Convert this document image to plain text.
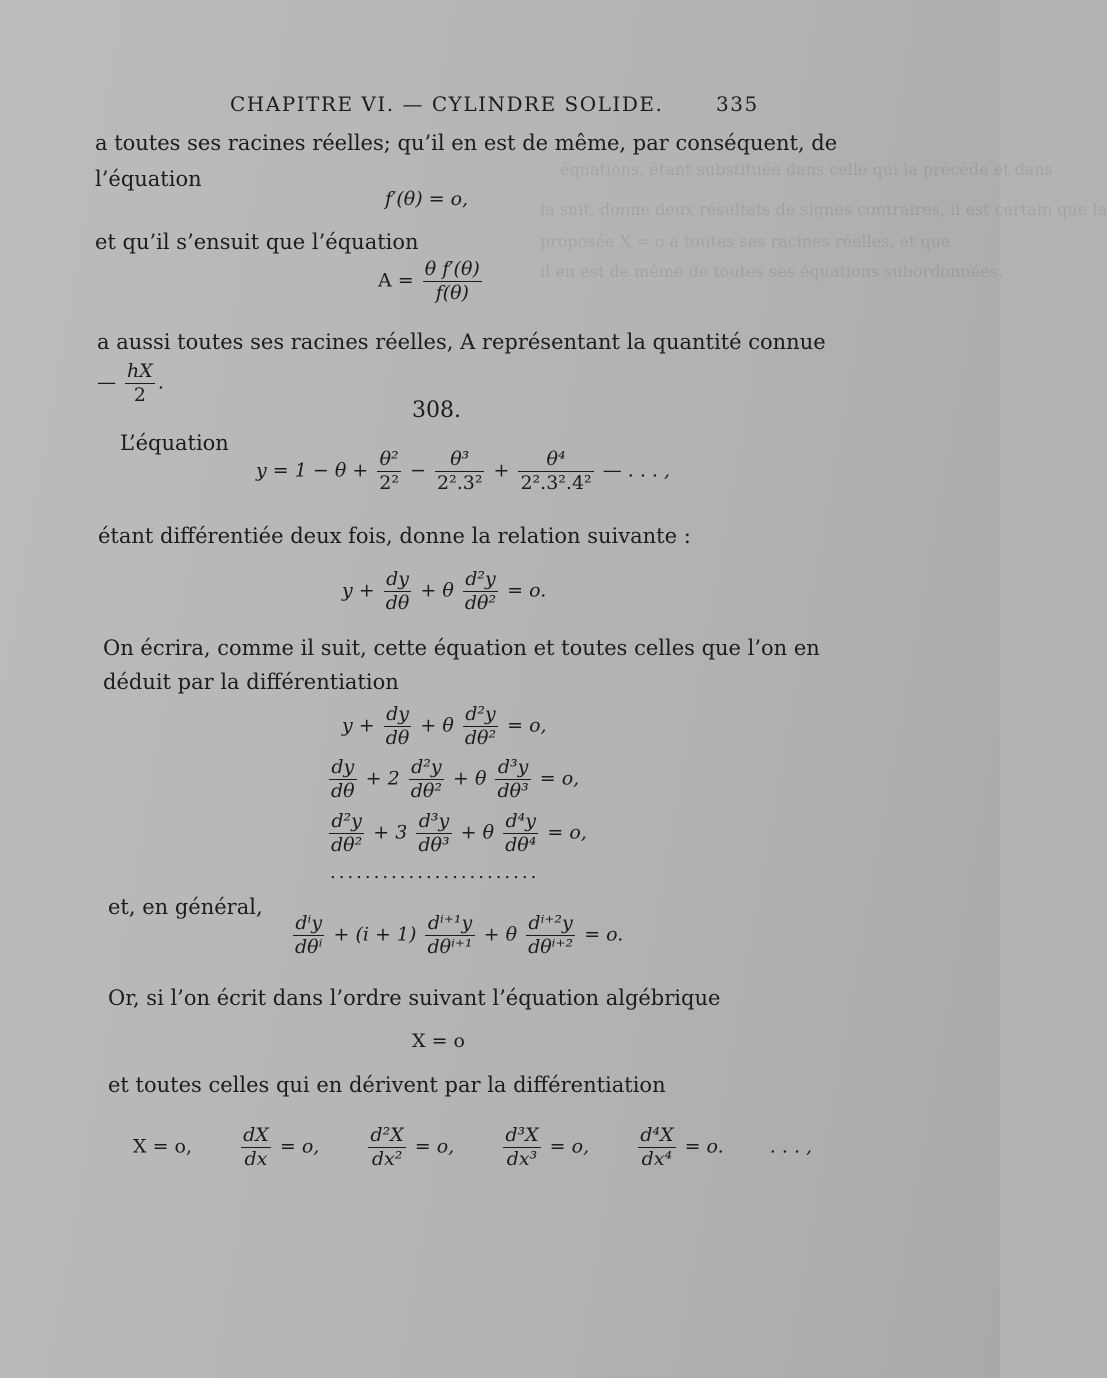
équations, étant substituée dans celle qui la précède et dans
la suit, donne deux résultats de signes contraires, il est certain que la
proposée X = o a toutes ses racines réelles, et que
il en est de même de toutes ses équations subordonnées.
CHAPITRE VI. — CYLINDRE SOLIDE.	335
a toutes ses racines réelles; qu’il en est de même, par conséquent, de
l’équation
f′(θ) = o,
et qu’il s’ensuit que l’équation
$A = \frac{\text{θ f′(θ)}}{f(\theta)}$
a aussi toutes ses racines réelles, A représentant la quantité connue
— $\frac{hX}{2}$ .
308.
L’équation
$y = 1 - \theta + \frac{\text{θ²}}{\text{2²}} - \frac{\text{θ³}}{\text{2².3²}} + \frac{\text{θ⁴}}{\text{2².3².4²}}$ — . . . ,
étant différentiée deux fois, donne la relation suivante :
$y + \frac{dy}{d\theta} + \theta \frac{\text{d²y}}{\text{dθ²}} = o$.
On écrira, comme il suit, cette équation et toutes celles que l’on en
déduit par la différentiation
$y + \frac{dy}{d\theta} + \theta \frac{\text{d²y}}{\text{dθ²}} = o$,
$\frac{dy}{d\theta} + 2 \frac{\text{d²y}}{\text{dθ²}} + \theta \frac{\text{d³y}}{\text{dθ³}} = o$,
$\frac{\text{d²y}}{\text{dθ²}} + 3 \frac{\text{d³y}}{\text{dθ³}} + \theta \frac{\text{d⁴y}}{\text{dθ⁴}} = o$,
........................
et, en général,
$\frac{\text{dⁱy}}{\text{dθⁱ}} + (i + 1) \frac{\text{dⁱ⁺¹y}}{\text{dθⁱ⁺¹}} + \theta \frac{\text{dⁱ⁺²y}}{\text{dθⁱ⁺²}} = o$.
Or, si l’on écrit dans l’ordre suivant l’équation algébrique
X = o
et toutes celles qui en dérivent par la différentiation
X = o,	$\frac{dX}{dx} = o$,	$\frac{\text{d²X}}{\text{dx²}} = o$,	$\frac{\text{d³X}}{\text{dx³}} = o$,	$\frac{\text{d⁴X}}{\text{dx⁴}} = o$. . . . ,
